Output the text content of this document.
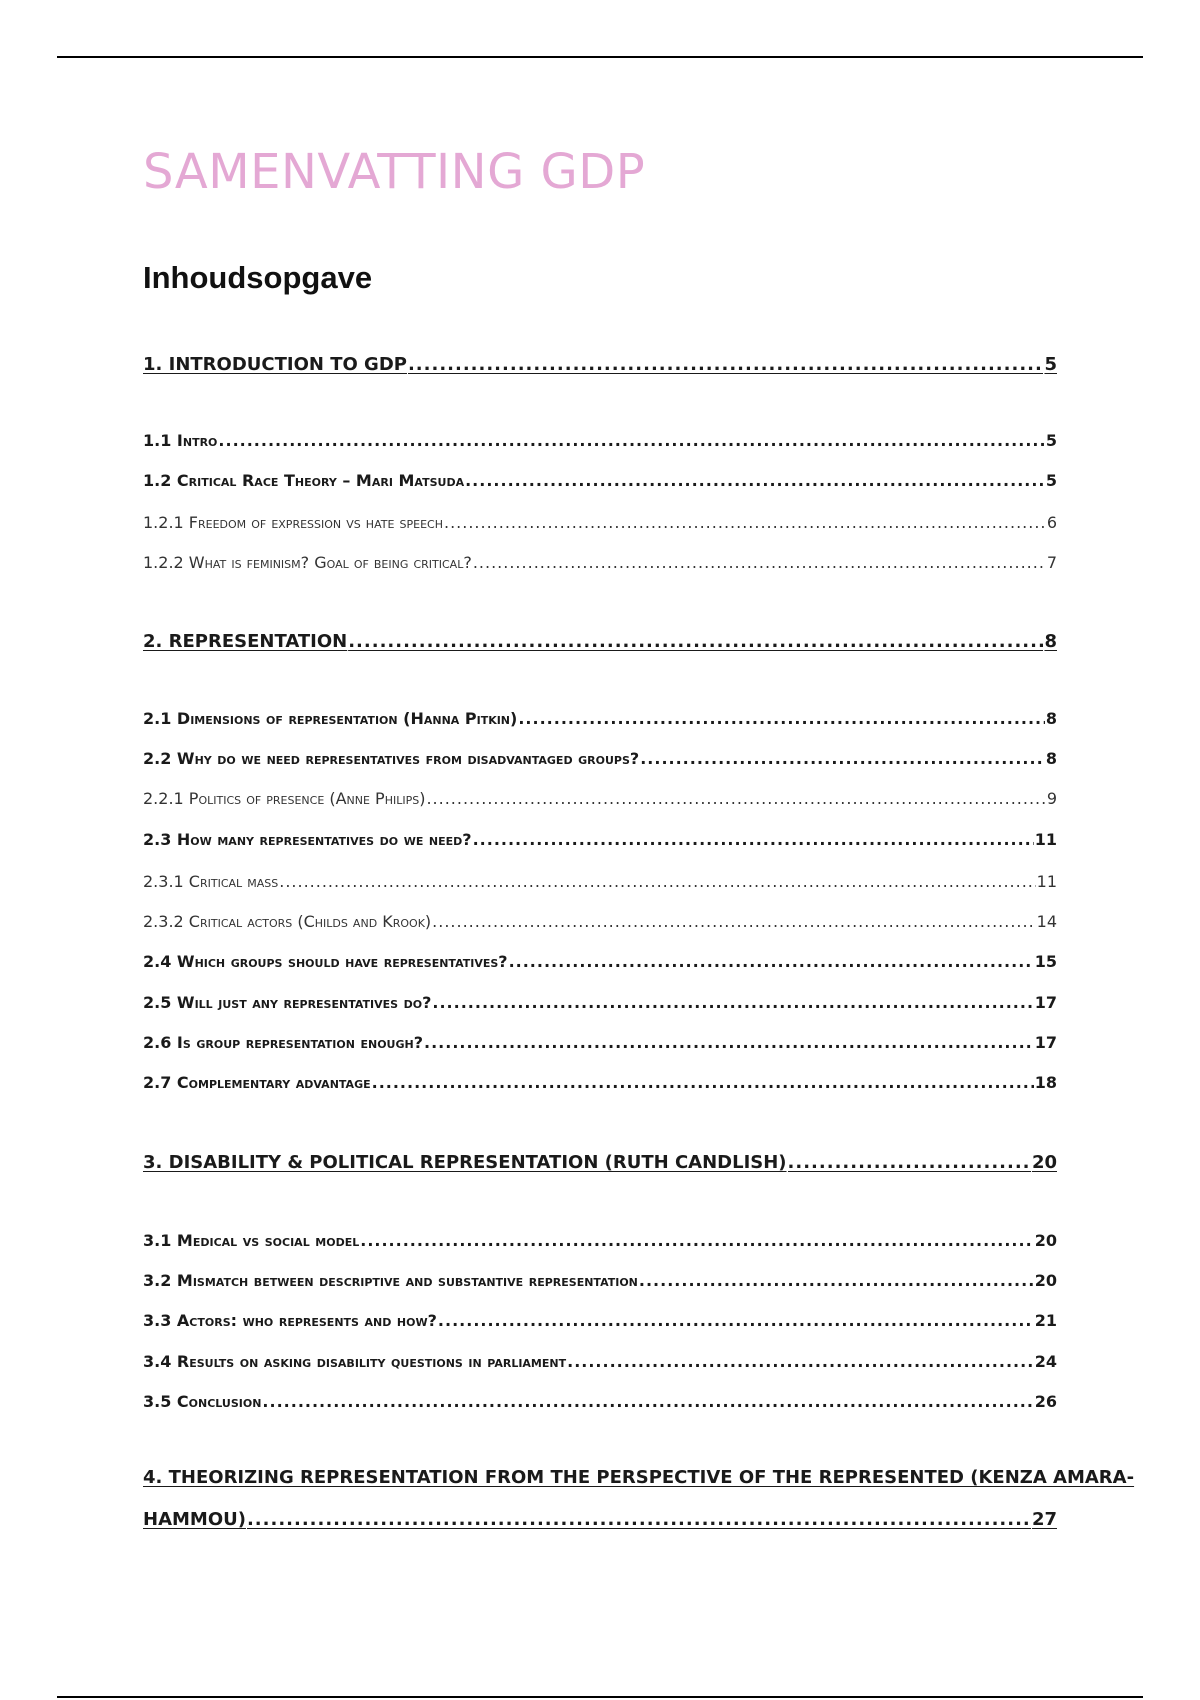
SAMENVATTING GDP
Inhoudsopgave
1. INTRODUCTION TO GDP .....	5
1.1 Intro .....	5
1.2 Critical Race Theory – Mari Matsuda .....	5
1.2.1 Freedom of expression vs hate speech .....	6
1.2.2 What is feminism? Goal of being critical? .....	7
2. REPRESENTATION .....	8
2.1 Dimensions of representation (Hanna Pitkin) .....	8
2.2 Why do we need representatives from disadvantaged groups? .....	8
2.2.1 Politics of presence (Anne Philips) .....	9
2.3 How many representatives do we need? .....	11
2.3.1 Critical mass .....	11
2.3.2 Critical actors (Childs and Krook) .....	14
2.4 Which groups should have representatives? .....	15
2.5 Will just any representatives do? .....	17
2.6 Is group representation enough? .....	17
2.7 Complementary advantage .....	18
3. DISABILITY & POLITICAL REPRESENTATION (RUTH CANDLISH) .....	20
3.1 Medical vs social model .....	20
3.2 Mismatch between descriptive and substantive representation .....	20
3.3 Actors: who represents and how? .....	21
3.4 Results on asking disability questions in parliament .....	24
3.5 Conclusion .....	26
4. THEORIZING REPRESENTATION FROM THE PERSPECTIVE OF THE REPRESENTED (KENZA AMARA-
HAMMOU) .....	27
